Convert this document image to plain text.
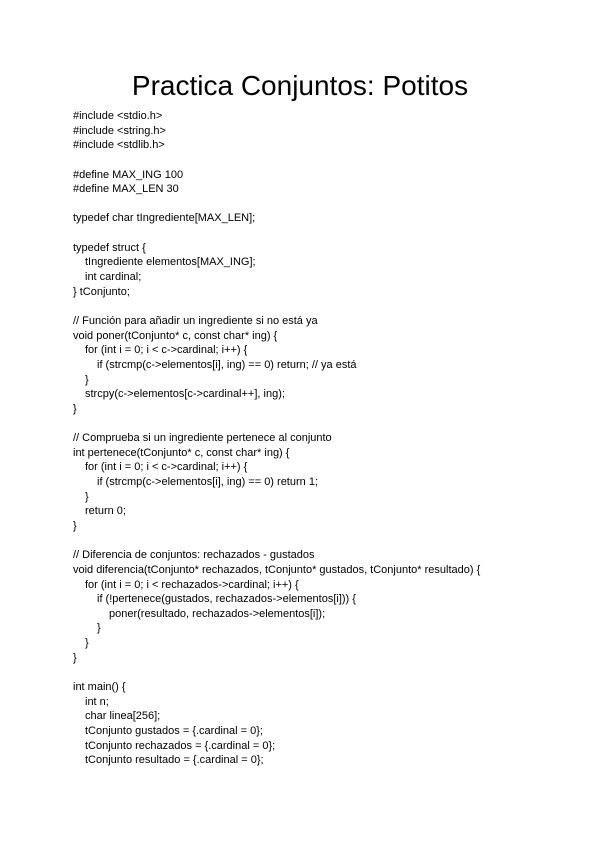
Practica Conjuntos: Potitos
#include <stdio.h>
#include <string.h>
#include <stdlib.h>
#define MAX_ING 100
#define MAX_LEN 30
typedef char tIngrediente[MAX_LEN];
typedef struct {
tIngrediente elementos[MAX_ING];
int cardinal;
} tConjunto;
// Función para añadir un ingrediente si no está ya
void poner(tConjunto* c, const char* ing) {
for (int i = 0; i < c->cardinal; i++) {
if (strcmp(c->elementos[i], ing) == 0) return; // ya está
}
strcpy(c->elementos[c->cardinal++], ing);
}
// Comprueba si un ingrediente pertenece al conjunto
int pertenece(tConjunto* c, const char* ing) {
for (int i = 0; i < c->cardinal; i++) {
if (strcmp(c->elementos[i], ing) == 0) return 1;
}
return 0;
}
// Diferencia de conjuntos: rechazados - gustados
void diferencia(tConjunto* rechazados, tConjunto* gustados, tConjunto* resultado) {
for (int i = 0; i < rechazados->cardinal; i++) {
if (!pertenece(gustados, rechazados->elementos[i])) {
poner(resultado, rechazados->elementos[i]);
}
}
}
int main() {
int n;
char linea[256];
tConjunto gustados = {.cardinal = 0};
tConjunto rechazados = {.cardinal = 0};
tConjunto resultado = {.cardinal = 0};
